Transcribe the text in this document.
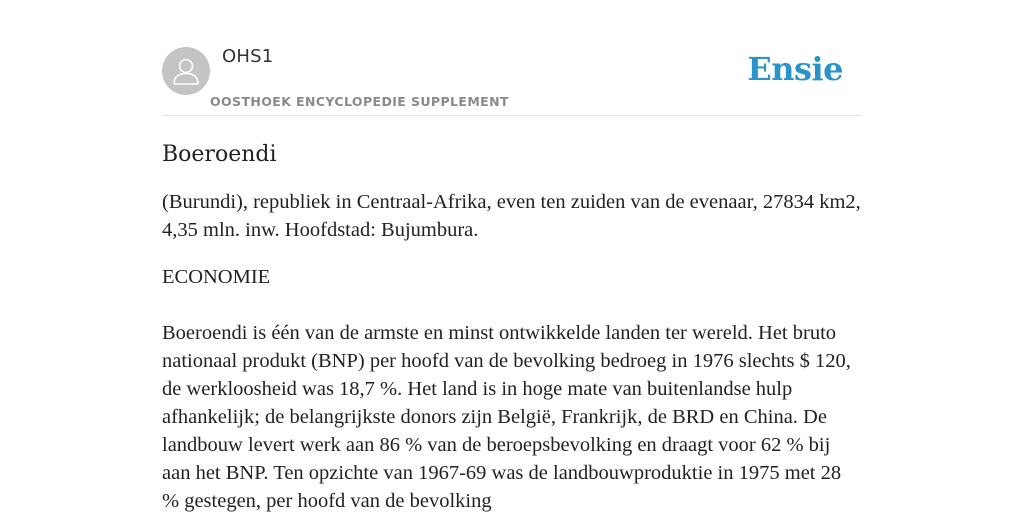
OHS1
OOSTHOEK ENCYCLOPEDIE SUPPLEMENT
Ensie
Boeroendi

(Burundi), republiek in Centraal-Afrika, even ten zuiden van de evenaar, 27834 km2, 4,35 mln. inw. Hoofdstad: Bujumbura.

ECONOMIE

Boeroendi is één van de armste en minst ontwikkelde landen ter wereld. Het bruto nationaal produkt (BNP) per hoofd van de bevolking bedroeg in 1976 slechts $ 120, de werkloosheid was 18,7 %. Het land is in hoge mate van buitenlandse hulp afhankelijk; de belangrijkste donors zijn België, Frankrijk, de BRD en China. De landbouw levert werk aan 86 % van de beroepsbevolking en draagt voor 62 % bij aan het BNP. Ten opzichte van 1967-69 was de landbouwproduktie in 1975 met 28 % gestegen, per hoofd van de bevolking
